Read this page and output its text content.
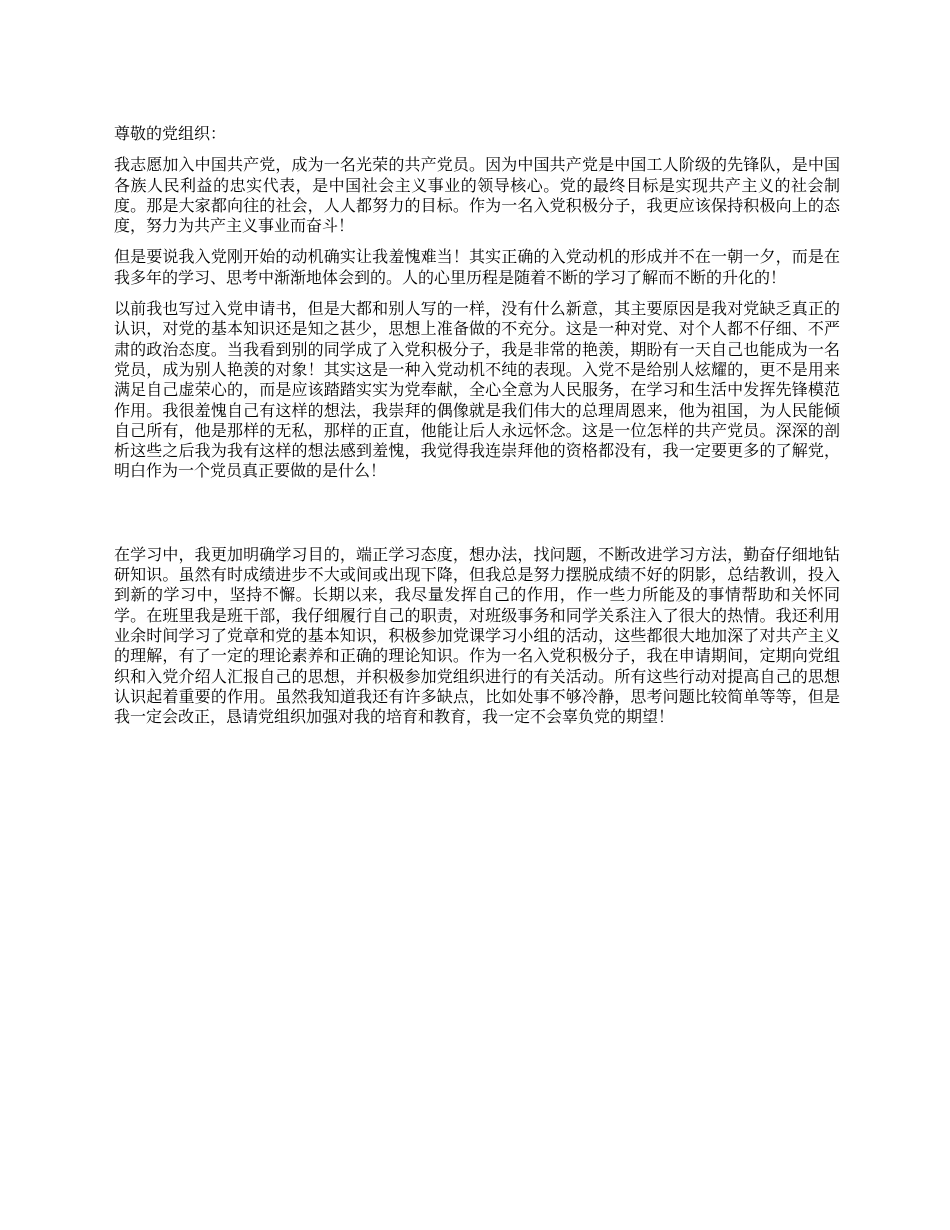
尊敬的党组织：

我志愿加入中国共产党，成为一名光荣的共产党员。因为中国共产党是中国工人阶级的先锋队，是中国各族人民利益的忠实代表，是中国社会主义事业的领导核心。党的最终目标是实现共产主义的社会制度。那是大家都向往的社会，人人都努力的目标。作为一名入党积极分子，我更应该保持积极向上的态度，努力为共产主义事业而奋斗！

但是要说我入党刚开始的动机确实让我羞愧难当！其实正确的入党动机的形成并不在一朝一夕，而是在我多年的学习、思考中渐渐地体会到的。人的心里历程是随着不断的学习了解而不断的升化的！

以前我也写过入党申请书，但是大都和别人写的一样，没有什么新意，其主要原因是我对党缺乏真正的认识，对党的基本知识还是知之甚少，思想上准备做的不充分。这是一种对党、对个人都不仔细、不严肃的政治态度。当我看到别的同学成了入党积极分子，我是非常的艳羡，期盼有一天自己也能成为一名党员，成为别人艳羡的对象！其实这是一种入党动机不纯的表现。入党不是给别人炫耀的，更不是用来满足自己虚荣心的，而是应该踏踏实实为党奉献，全心全意为人民服务，在学习和生活中发挥先锋模范作用。我很羞愧自己有这样的想法，我崇拜的偶像就是我们伟大的总理周恩来，他为祖国，为人民能倾自己所有，他是那样的无私，那样的正直，他能让后人永远怀念。这是一位怎样的共产党员。深深的剖析这些之后我为我有这样的想法感到羞愧，我觉得我连崇拜他的资格都没有，我一定要更多的了解党，明白作为一个党员真正要做的是什么！

在学习中，我更加明确学习目的，端正学习态度，想办法，找问题，不断改进学习方法，勤奋仔细地钻研知识。虽然有时成绩进步不大或间或出现下降，但我总是努力摆脱成绩不好的阴影，总结教训，投入到新的学习中，坚持不懈。长期以来，我尽量发挥自己的作用，作一些力所能及的事情帮助和关怀同学。在班里我是班干部，我仔细履行自己的职责，对班级事务和同学关系注入了很大的热情。我还利用业余时间学习了党章和党的基本知识，积极参加党课学习小组的活动，这些都很大地加深了对共产主义的理解，有了一定的理论素养和正确的理论知识。作为一名入党积极分子，我在申请期间，定期向党组织和入党介绍人汇报自己的思想，并积极参加党组织进行的有关活动。所有这些行动对提高自己的思想认识起着重要的作用。虽然我知道我还有许多缺点，比如处事不够冷静，思考问题比较简单等等，但是我一定会改正，恳请党组织加强对我的培育和教育，我一定不会辜负党的期望！
